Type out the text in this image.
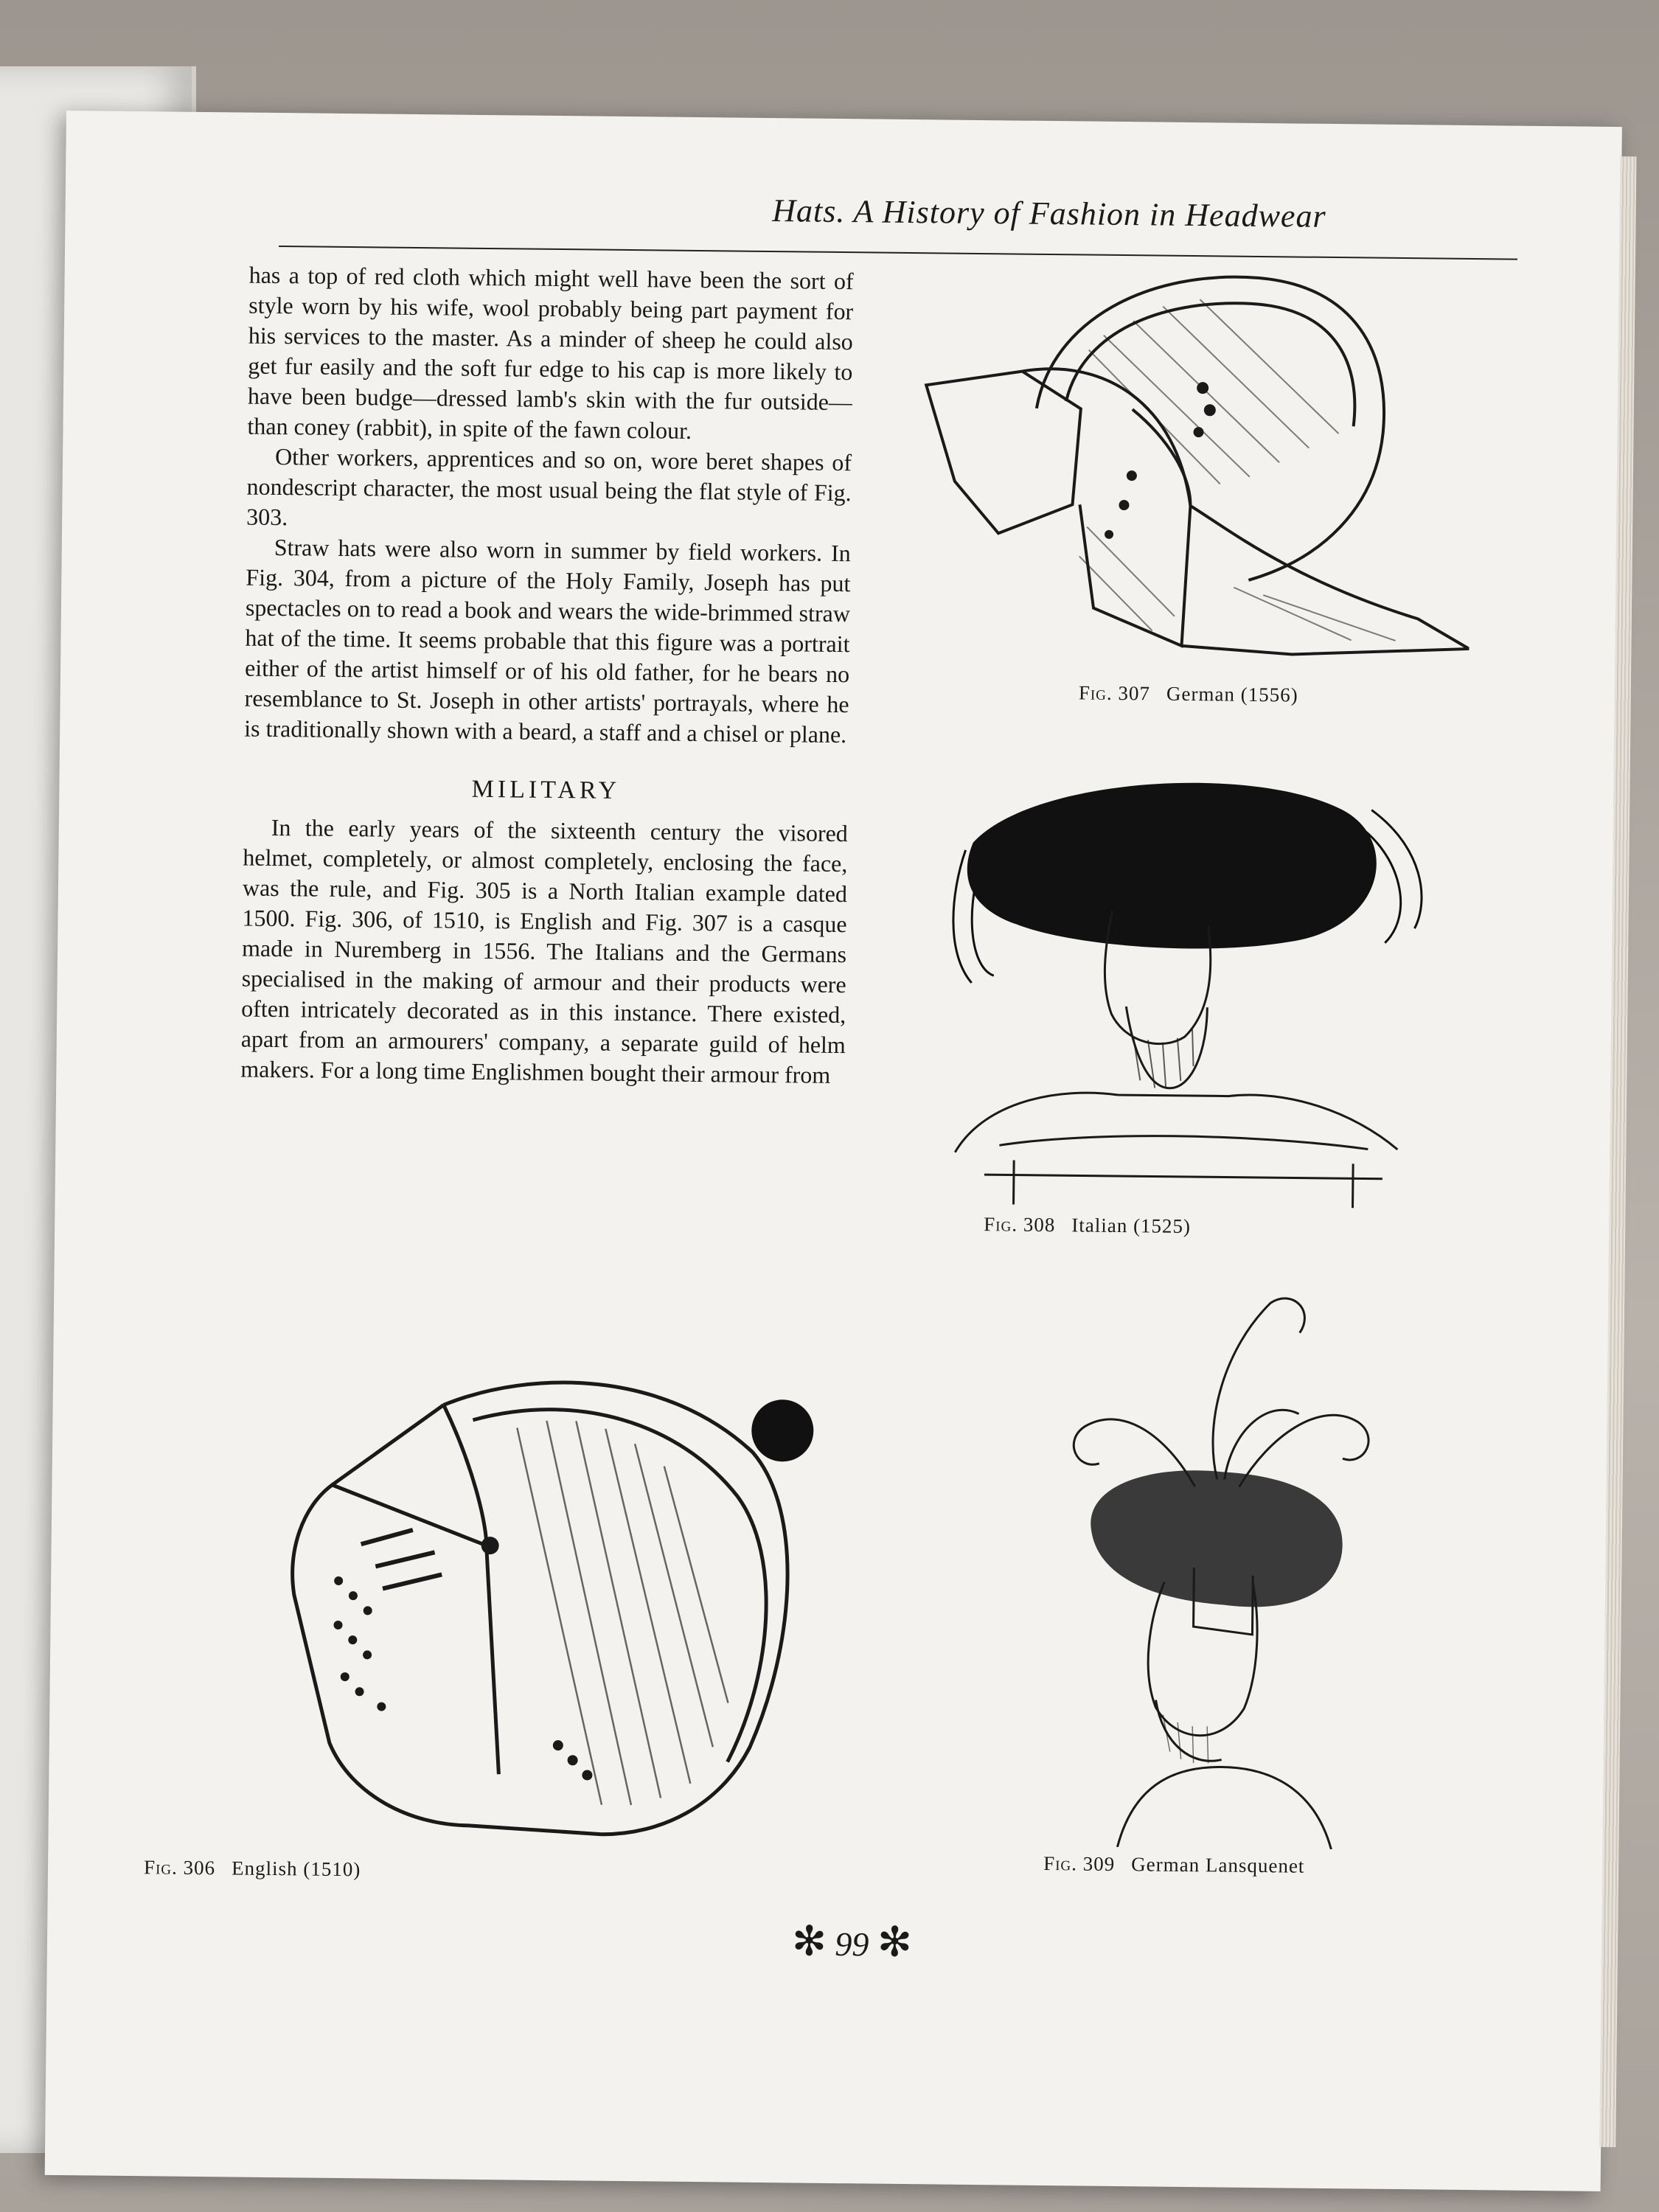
Hats. A History of Fashion in Headwear

has a top of red cloth which might well have been the sort of style worn by his wife, wool probably being part payment for his services to the master. As a minder of sheep he could also get fur easily and the soft fur edge to his cap is more likely to have been budge—dressed lamb's skin with the fur outside—than coney (rabbit), in spite of the fawn colour.

Other workers, apprentices and so on, wore beret shapes of nondescript character, the most usual being the flat style of Fig. 303.

Straw hats were also worn in summer by field workers. In Fig. 304, from a picture of the Holy Family, Joseph has put spectacles on to read a book and wears the wide-brimmed straw hat of the time. It seems probable that this figure was a portrait either of the artist himself or of his old father, for he bears no resemblance to St. Joseph in other artists' portrayals, where he is traditionally shown with a beard, a staff and a chisel or plane.

MILITARY

In the early years of the sixteenth century the visored helmet, completely, or almost completely, enclosing the face, was the rule, and Fig. 305 is a North Italian example dated 1500. Fig. 306, of 1510, is English and Fig. 307 is a casque made in Nuremberg in 1556. The Italians and the Germans specialised in the making of armour and their products were often intricately decorated as in this instance. There existed, apart from an armourers' company, a separate guild of helm makers. For a long time Englishmen bought their armour from

Fig. 307 German (1556)
Fig. 308 Italian (1525)
Fig. 306 English (1510)	Fig. 309 German Lansquenet
✻ 99 ✻
